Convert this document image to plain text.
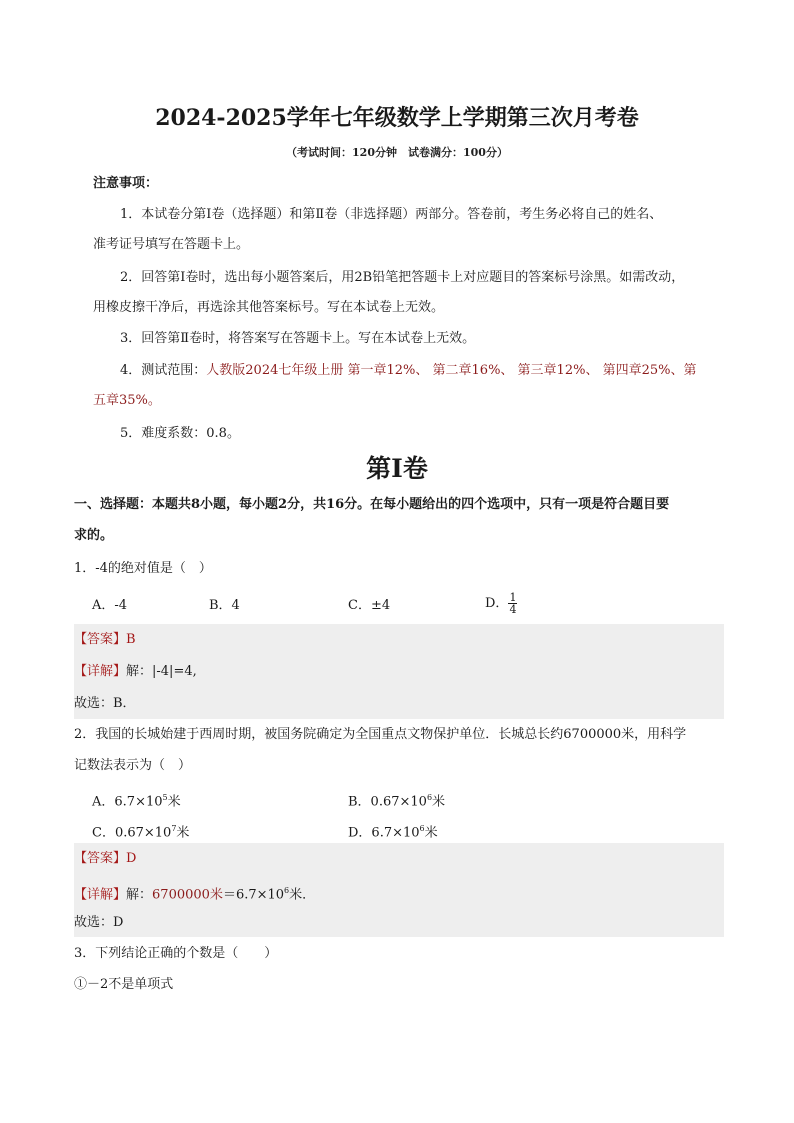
2024-2025学年七年级数学上学期第三次月考卷
（考试时间：120分钟　试卷满分：100分）
注意事项：
1．本试卷分第Ⅰ卷（选择题）和第Ⅱ卷（非选择题）两部分。答卷前，考生务必将自己的姓名、
准考证号填写在答题卡上。
2．回答第Ⅰ卷时，选出每小题答案后，用2B铅笔把答题卡上对应题目的答案标号涂黑。如需改动，
用橡皮擦干净后，再选涂其他答案标号。写在本试卷上无效。
3．回答第Ⅱ卷时，将答案写在答题卡上。写在本试卷上无效。
4．测试范围：人教版2024七年级上册 第一章12%、 第二章16%、 第三章12%、 第四章25%、第
五章35%。
5．难度系数：0.8。
第Ⅰ卷
一、选择题：本题共8小题，每小题2分，共16分。在每小题给出的四个选项中，只有一项是符合题目要
求的。
1．-4的绝对值是（　）
A．-4	B．4	C．±4	D． $\frac{1}{4}$
【答案】B
【详解】解：|-4|=4,
故选：B．
2．我国的长城始建于西周时期，被国务院确定为全国重点文物保护单位．长城总长约6700000米，用科学
记数法表示为（　）
A．$6.7\times 10^5$米	B．$0.67\times 10^6$米
C．$0.67\times 10^7$米	D．$6.7\times 10^6$米
【答案】D
【详解】解：6700000米$=6.7\times 10^6$米．
故选：D
3．下列结论正确的个数是（　　）
①－2不是单项式
